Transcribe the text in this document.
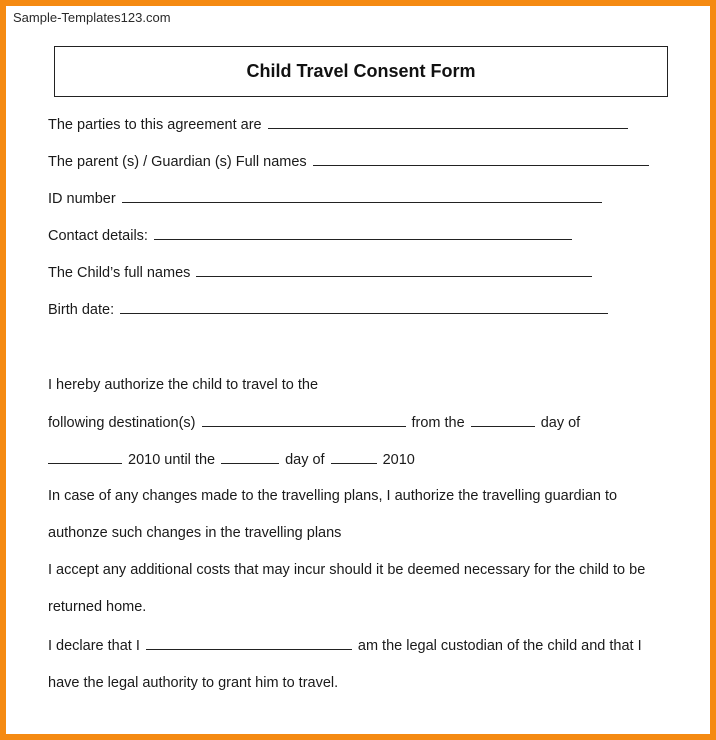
Sample-Templates123.com
Child Travel Consent Form
The parties to this agreement are
The parent (s) / Guardian (s) Full names
ID number
Contact details:
The Child’s full names
Birth date:
I hereby authorize the child to travel to the
following destination(s)	from the	day of
2010 until the	day of	2010
In case of any changes made to the travelling plans, I authorize the travelling guardian to
authonze such changes in the travelling plans
I accept any additional costs that may incur should it be deemed necessary for the child to be
returned home.
I declare that I	am the legal custodian of the child and that I
have the legal authority to grant him to travel.
